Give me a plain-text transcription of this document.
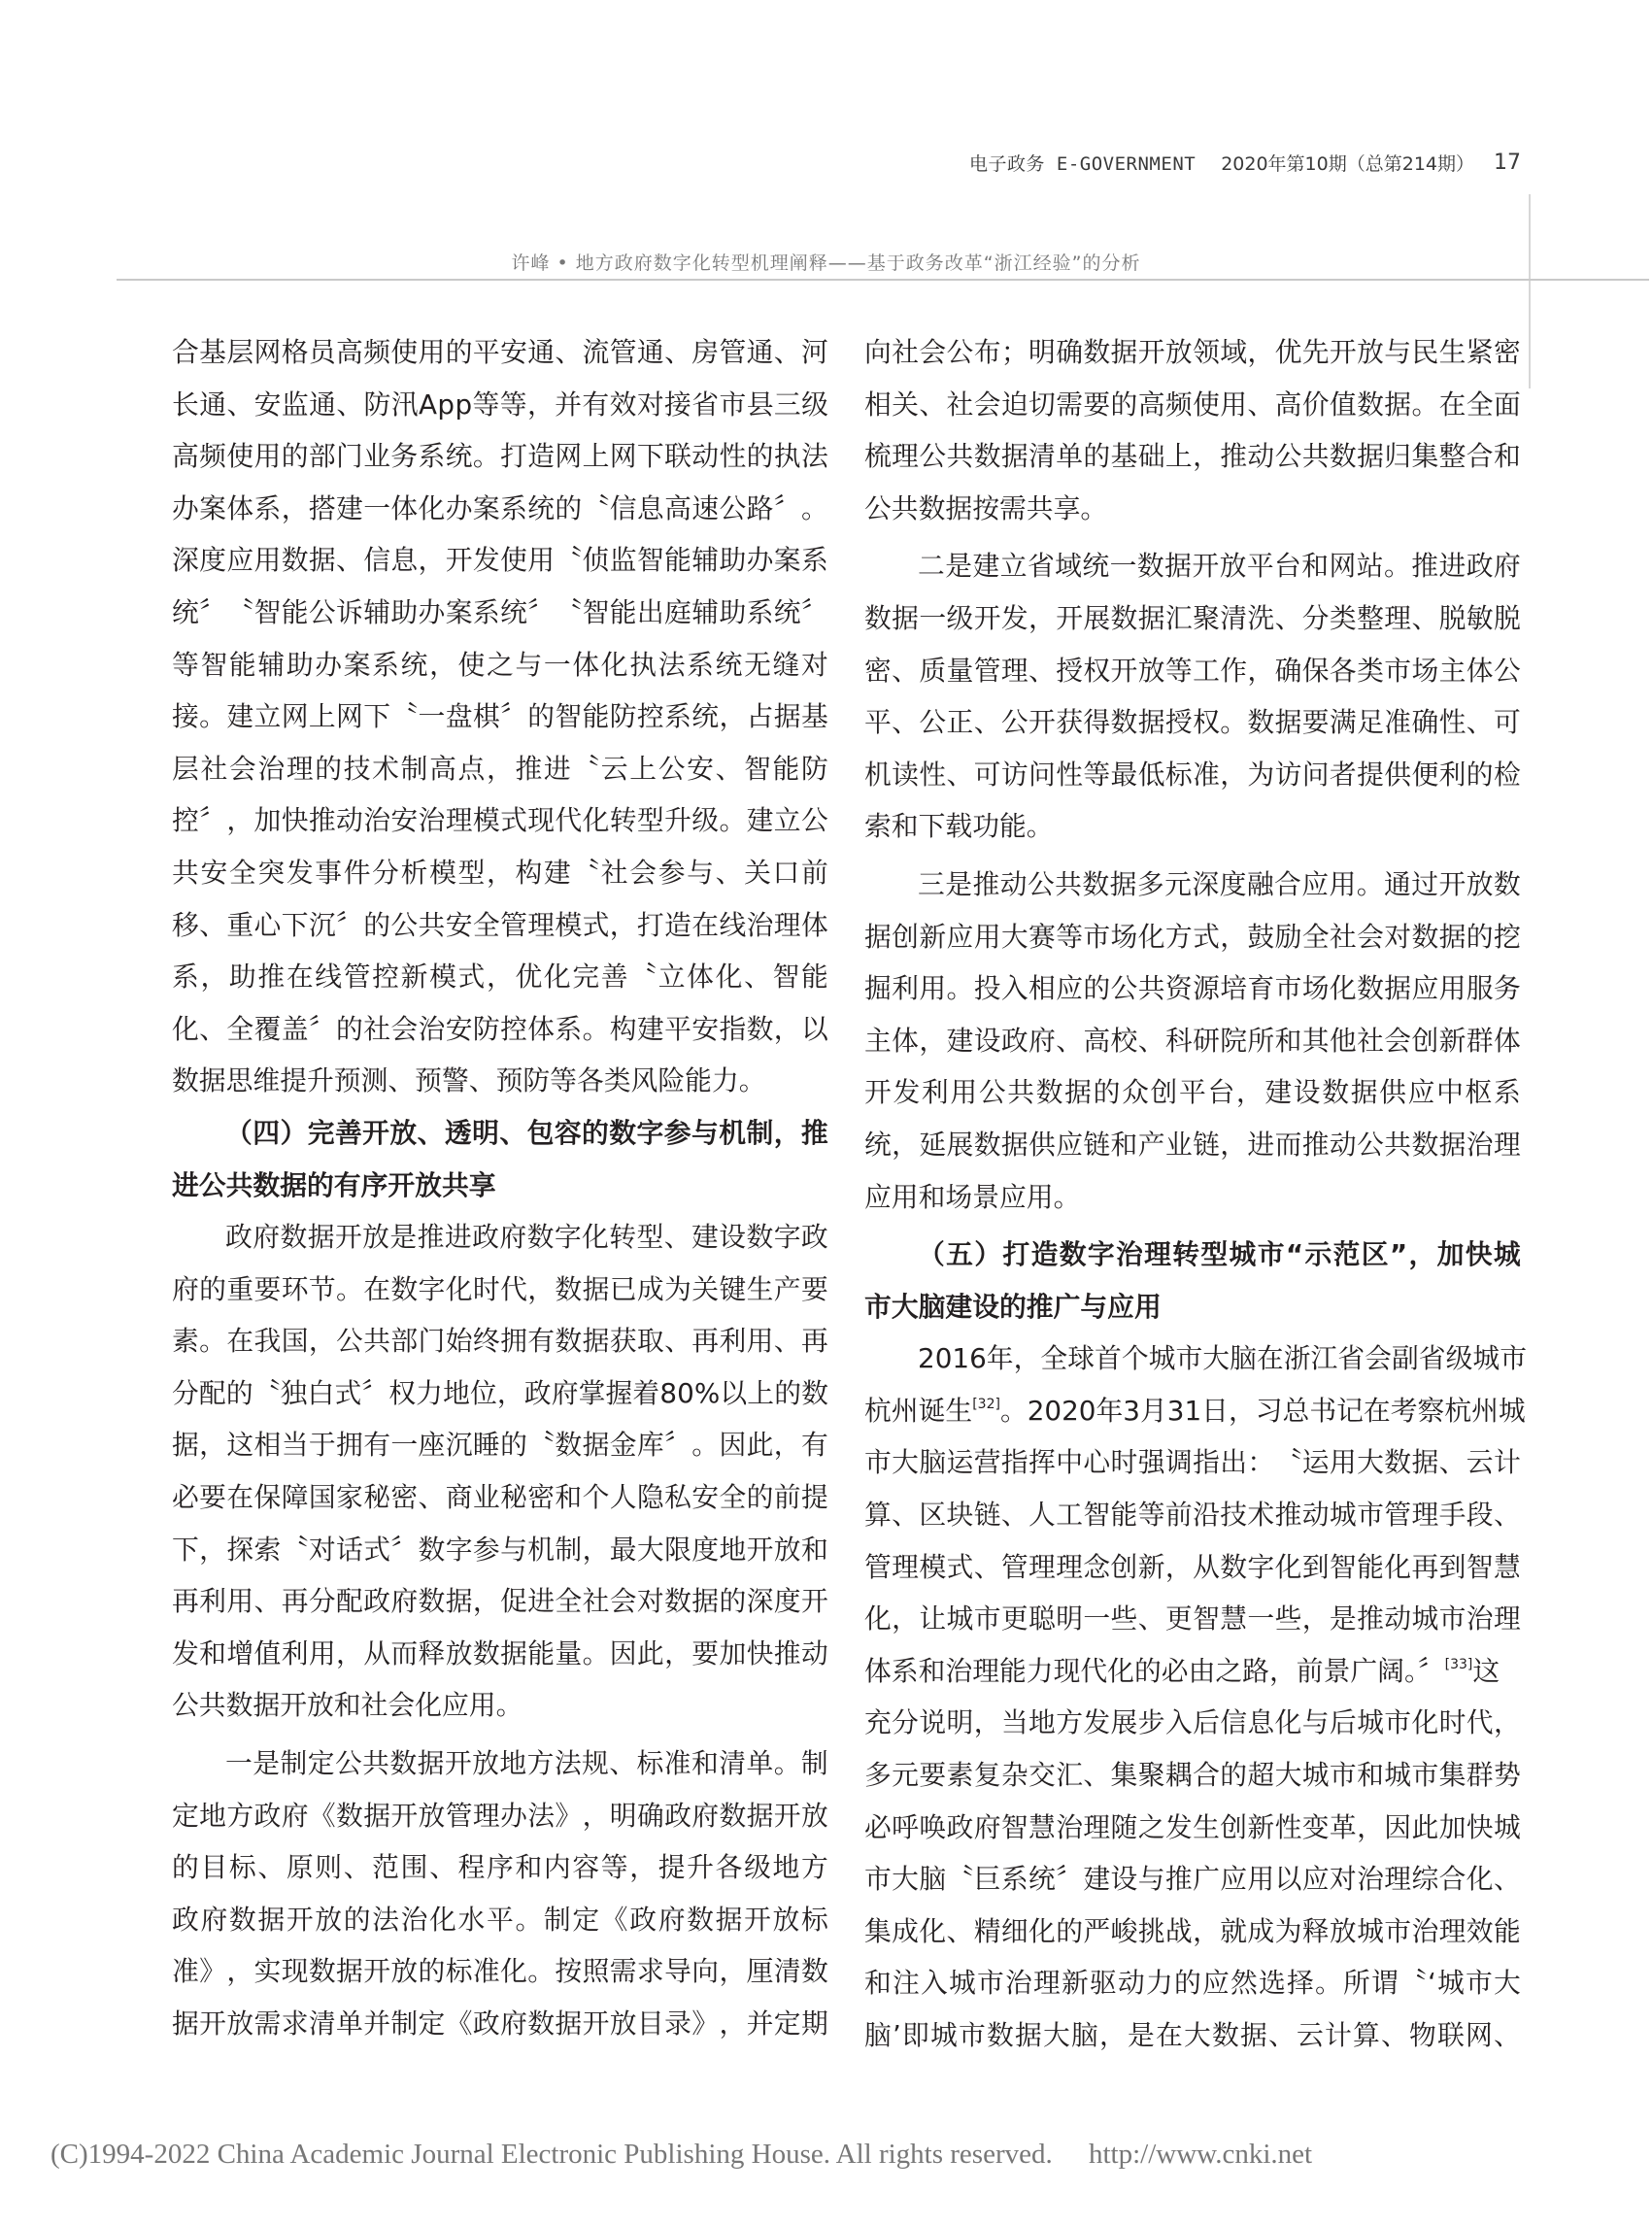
电子政务 E-GOVERNMENT 2020年第10期（总第214期） 17
许峰 • 地方政府数字化转型机理阐释——基于政务改革“浙江经验”的分析
合 基 层 网 格 员 高 频 使 用 的 平 安 通 、 流 管 通 、 房 管 通 、 河
长 通 、 安 监 通 、 防 汛 A p p 等 等 ， 并 有 效 对 接 省 市 县 三 级
高 频 使 用 的 部 门 业 务 系 统 。 打 造 网 上 网 下 联 动 性 的 执 法
办 案 体 系 ， 搭 建 一 体 化 办 案 系 统 的 〝 信 息 高 速 公 路 〞 。
深 度 应 用 数 据 、 信 息 ， 开 发 使 用 〝 侦 监 智 能 辅 助 办 案 系
统 〞 〝 智 能 公 诉 辅 助 办 案 系 统 〞 〝 智 能 出 庭 辅 助 系 统 〞
等 智 能 辅 助 办 案 系 统 ， 使 之 与 一 体 化 执 法 系 统 无 缝 对
接 。 建 立 网 上 网 下 〝 一 盘 棋 〞 的 智 能 防 控 系 统 ， 占 据 基
层 社 会 治 理 的 技 术 制 高 点 ， 推 进 〝 云 上 公 安 、 智 能 防
控 〞 ， 加 快 推 动 治 安 治 理 模 式 现 代 化 转 型 升 级 。 建 立 公
共 安 全 突 发 事 件 分 析 模 型 ， 构 建 〝 社 会 参 与 、 关 口 前
移 、 重 心 下 沉 〞 的 公 共 安 全 管 理 模 式 ， 打 造 在 线 治 理 体
系 ， 助 推 在 线 管 控 新 模 式 ， 优 化 完 善 〝 立 体 化 、 智 能
化 、 全 覆 盖 〞 的 社 会 治 安 防 控 体 系 。 构 建 平 安 指 数 ， 以
数据思维提升预测、预警、预防等各类风险能力。
（ 四 ） 完 善 开 放 、 透 明 、 包 容 的 数 字 参 与 机 制 ， 推
进公共数据的有序开放共享
政 府 数 据 开 放 是 推 进 政 府 数 字 化 转 型 、 建 设 数 字 政
府 的 重 要 环 节 。 在 数 字 化 时 代 ， 数 据 已 成 为 关 键 生 产 要
素 。 在 我 国 ， 公 共 部 门 始 终 拥 有 数 据 获 取 、 再 利 用 、 再
分 配 的 〝 独 白 式 〞 权 力 地 位 ， 政 府 掌 握 着 8 0 % 以 上 的 数
据 ， 这 相 当 于 拥 有 一 座 沉 睡 的 〝 数 据 金 库 〞 。 因 此 ， 有
必 要 在 保 障 国 家 秘 密 、 商 业 秘 密 和 个 人 隐 私 安 全 的 前 提
下 ， 探 索 〝 对 话 式 〞 数 字 参 与 机 制 ， 最 大 限 度 地 开 放 和
再 利 用 、 再 分 配 政 府 数 据 ， 促 进 全 社 会 对 数 据 的 深 度 开
发 和 增 值 利 用 ， 从 而 释 放 数 据 能 量 。 因 此 ， 要 加 快 推 动
公共数据开放和社会化应用。
一 是 制 定 公 共 数 据 开 放 地 方 法 规 、 标 准 和 清 单 。 制
定 地 方 政 府 《 数 据 开 放 管 理 办 法 》 ， 明 确 政 府 数 据 开 放
的 目 标 、 原 则 、 范 围 、 程 序 和 内 容 等 ， 提 升 各 级 地 方
政 府 数 据 开 放 的 法 治 化 水 平 。 制 定 《 政 府 数 据 开 放 标
准 》 ， 实 现 数 据 开 放 的 标 准 化 。 按 照 需 求 导 向 ， 厘 清 数
据 开 放 需 求 清 单 并 制 定 《 政 府 数 据 开 放 目 录 》 ， 并 定 期
向 社 会 公 布 ； 明 确 数 据 开 放 领 域 ， 优 先 开 放 与 民 生 紧 密
相 关 、 社 会 迫 切 需 要 的 高 频 使 用 、 高 价 值 数 据 。 在 全 面
梳 理 公 共 数 据 清 单 的 基 础 上 ， 推 动 公 共 数 据 归 集 整 合 和
公共数据按需共享。
二 是 建 立 省 域 统 一 数 据 开 放 平 台 和 网 站 。 推 进 政 府
数 据 一 级 开 发 ， 开 展 数 据 汇 聚 清 洗 、 分 类 整 理 、 脱 敏 脱
密 、 质 量 管 理 、 授 权 开 放 等 工 作 ， 确 保 各 类 市 场 主 体 公
平 、 公 正 、 公 开 获 得 数 据 授 权 。 数 据 要 满 足 准 确 性 、 可
机 读 性 、 可 访 问 性 等 最 低 标 准 ， 为 访 问 者 提 供 便 利 的 检
索和下载功能。
三 是 推 动 公 共 数 据 多 元 深 度 融 合 应 用 。 通 过 开 放 数
据 创 新 应 用 大 赛 等 市 场 化 方 式 ， 鼓 励 全 社 会 对 数 据 的 挖
掘 利 用 。 投 入 相 应 的 公 共 资 源 培 育 市 场 化 数 据 应 用 服 务
主 体 ， 建 设 政 府 、 高 校 、 科 研 院 所 和 其 他 社 会 创 新 群 体
开 发 利 用 公 共 数 据 的 众 创 平 台 ， 建 设 数 据 供 应 中 枢 系
统 ， 延 展 数 据 供 应 链 和 产 业 链 ， 进 而 推 动 公 共 数 据 治 理
应用和场景应用。
（ 五 ） 打 造 数 字 治 理 转 型 城 市 “ 示 范 区 ” ， 加 快 城
市大脑建设的推广与应用
2 0 1 6 年 ， 全 球 首 个 城 市 大 脑 在 浙 江 省 会 副 省 级 城 市
杭州诞生[32]。2020年3月31日，习总书记在考察杭州城
市 大 脑 运 营 指 挥 中 心 时 强 调 指 出 ： 〝 运 用 大 数 据 、 云 计
算 、 区 块 链 、 人 工 智 能 等 前 沿 技 术 推 动 城 市 管 理 手 段 、
管 理 模 式 、 管 理 理 念 创 新 ， 从 数 字 化 到 智 能 化 再 到 智 慧
化 ， 让 城 市 更 聪 明 一 些 、 更 智 慧 一 些 ， 是 推 动 城 市 治 理
体系和治理能力现代化的必由之路，前景广阔。〞[33]这
充 分 说 明 ， 当 地 方 发 展 步 入 后 信 息 化 与 后 城 市 化 时 代 ，
多 元 要 素 复 杂 交 汇 、 集 聚 耦 合 的 超 大 城 市 和 城 市 集 群 势
必 呼 唤 政 府 智 慧 治 理 随 之 发 生 创 新 性 变 革 ， 因 此 加 快 城
市 大 脑 〝 巨 系 统 〞 建 设 与 推 广 应 用 以 应 对 治 理 综 合 化 、
集 成 化 、 精 细 化 的 严 峻 挑 战 ， 就 成 为 释 放 城 市 治 理 效 能
和 注 入 城 市 治 理 新 驱 动 力 的 应 然 选 择 。 所 谓 〝 ‘ 城 市 大
脑 ’ 即 城 市 数 据 大 脑 ， 是 在 大 数 据 、 云 计 算 、 物 联 网 、
(C)1994-2022 China Academic Journal Electronic Publishing House. All rights reserved. http://www.cnki.net
